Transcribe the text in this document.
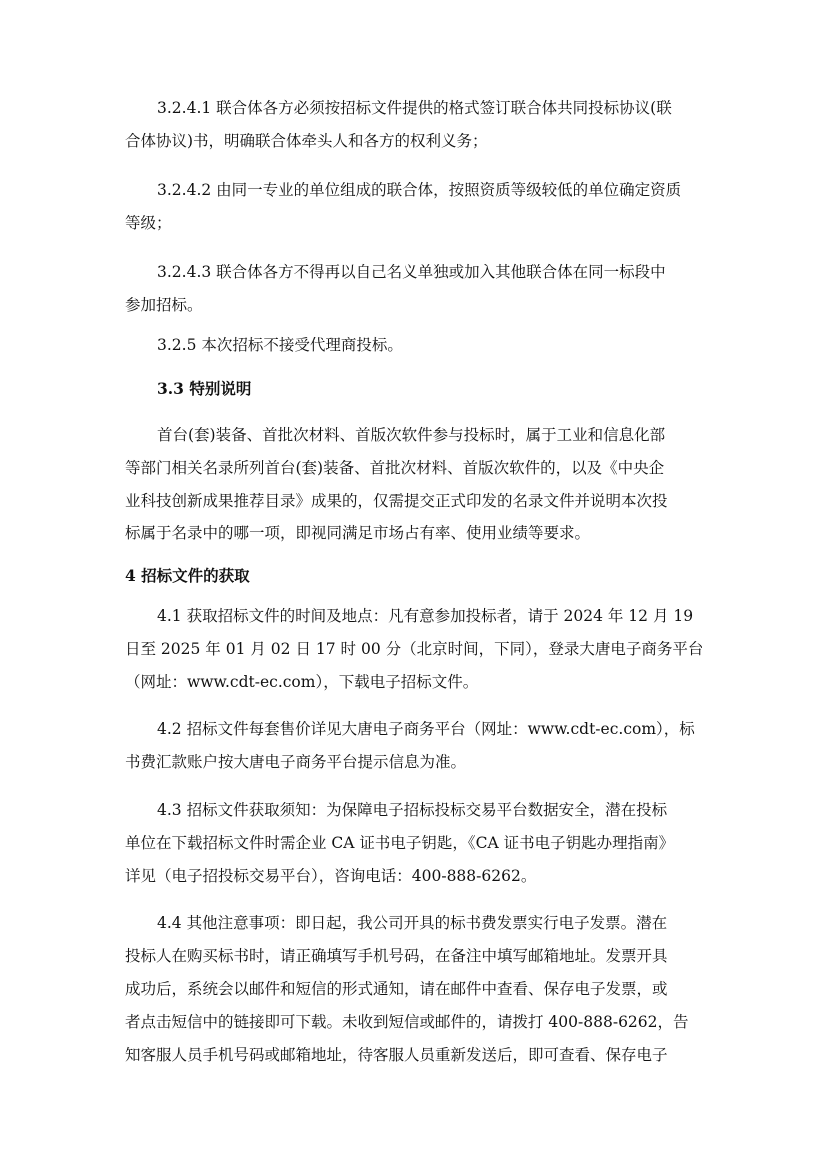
3.2.4.1 联合体各方必须按招标文件提供的格式签订联合体共同投标协议(联
合体协议)书，明确联合体牵头人和各方的权利义务；
3.2.4.2 由同一专业的单位组成的联合体，按照资质等级较低的单位确定资质
等级；
3.2.4.3 联合体各方不得再以自己名义单独或加入其他联合体在同一标段中
参加招标。
3.2.5 本次招标不接受代理商投标。
3.3 特别说明
首台(套)装备、首批次材料、首版次软件参与投标时，属于工业和信息化部
等部门相关名录所列首台(套)装备、首批次材料、首版次软件的，以及《中央企
业科技创新成果推荐目录》成果的，仅需提交正式印发的名录文件并说明本次投
标属于名录中的哪一项，即视同满足市场占有率、使用业绩等要求。
4 招标文件的获取
4.1 获取招标文件的时间及地点：凡有意参加投标者，请于 2024 年 12 月 19
日至 2025 年 01 月 02 日 17 时 00 分（北京时间，下同），登录大唐电子商务平台
（网址：www.cdt-ec.com），下载电子招标文件。
4.2 招标文件每套售价详见大唐电子商务平台（网址：www.cdt-ec.com），标
书费汇款账户按大唐电子商务平台提示信息为准。
4.3 招标文件获取须知：为保障电子招标投标交易平台数据安全，潜在投标
单位在下载招标文件时需企业 CA 证书电子钥匙，《CA 证书电子钥匙办理指南》
详见（电子招投标交易平台），咨询电话：400-888-6262。
4.4 其他注意事项：即日起，我公司开具的标书费发票实行电子发票。潜在
投标人在购买标书时，请正确填写手机号码，在备注中填写邮箱地址。发票开具
成功后，系统会以邮件和短信的形式通知，请在邮件中查看、保存电子发票，或
者点击短信中的链接即可下载。未收到短信或邮件的，请拨打 400-888-6262，告
知客服人员手机号码或邮箱地址，待客服人员重新发送后，即可查看、保存电子
